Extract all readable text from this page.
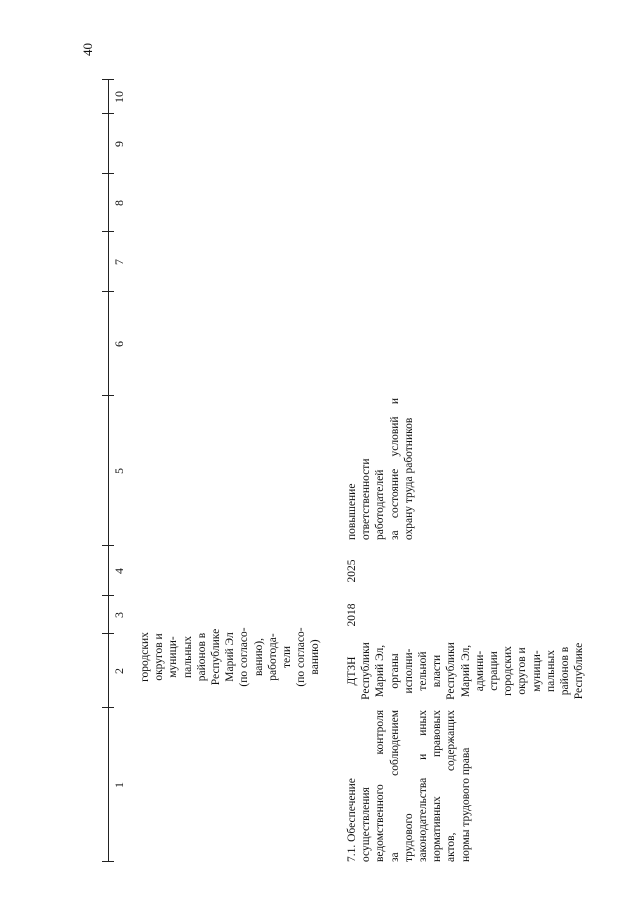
40
1
2
3
4
5
6
7
8
9
10
городских округов и муници- пальных районов в Республике Марий Эл (по согласо- ванию), работода- тели (по согласо- ванию)
7.1. Обеспечение осуществления ведомственного контроля за соблюдением трудового законодательства и иных нормативных правовых актов, содержащих нормы трудового права
ДТЗН Республики Марий Эл, органы исполни- тельной власти Республики Марий Эл, админи- страции городских округов и муници- пальных районов в Республике
2018
2025
повышение ответственности работодателей за состояние условий и охрану труда работников
